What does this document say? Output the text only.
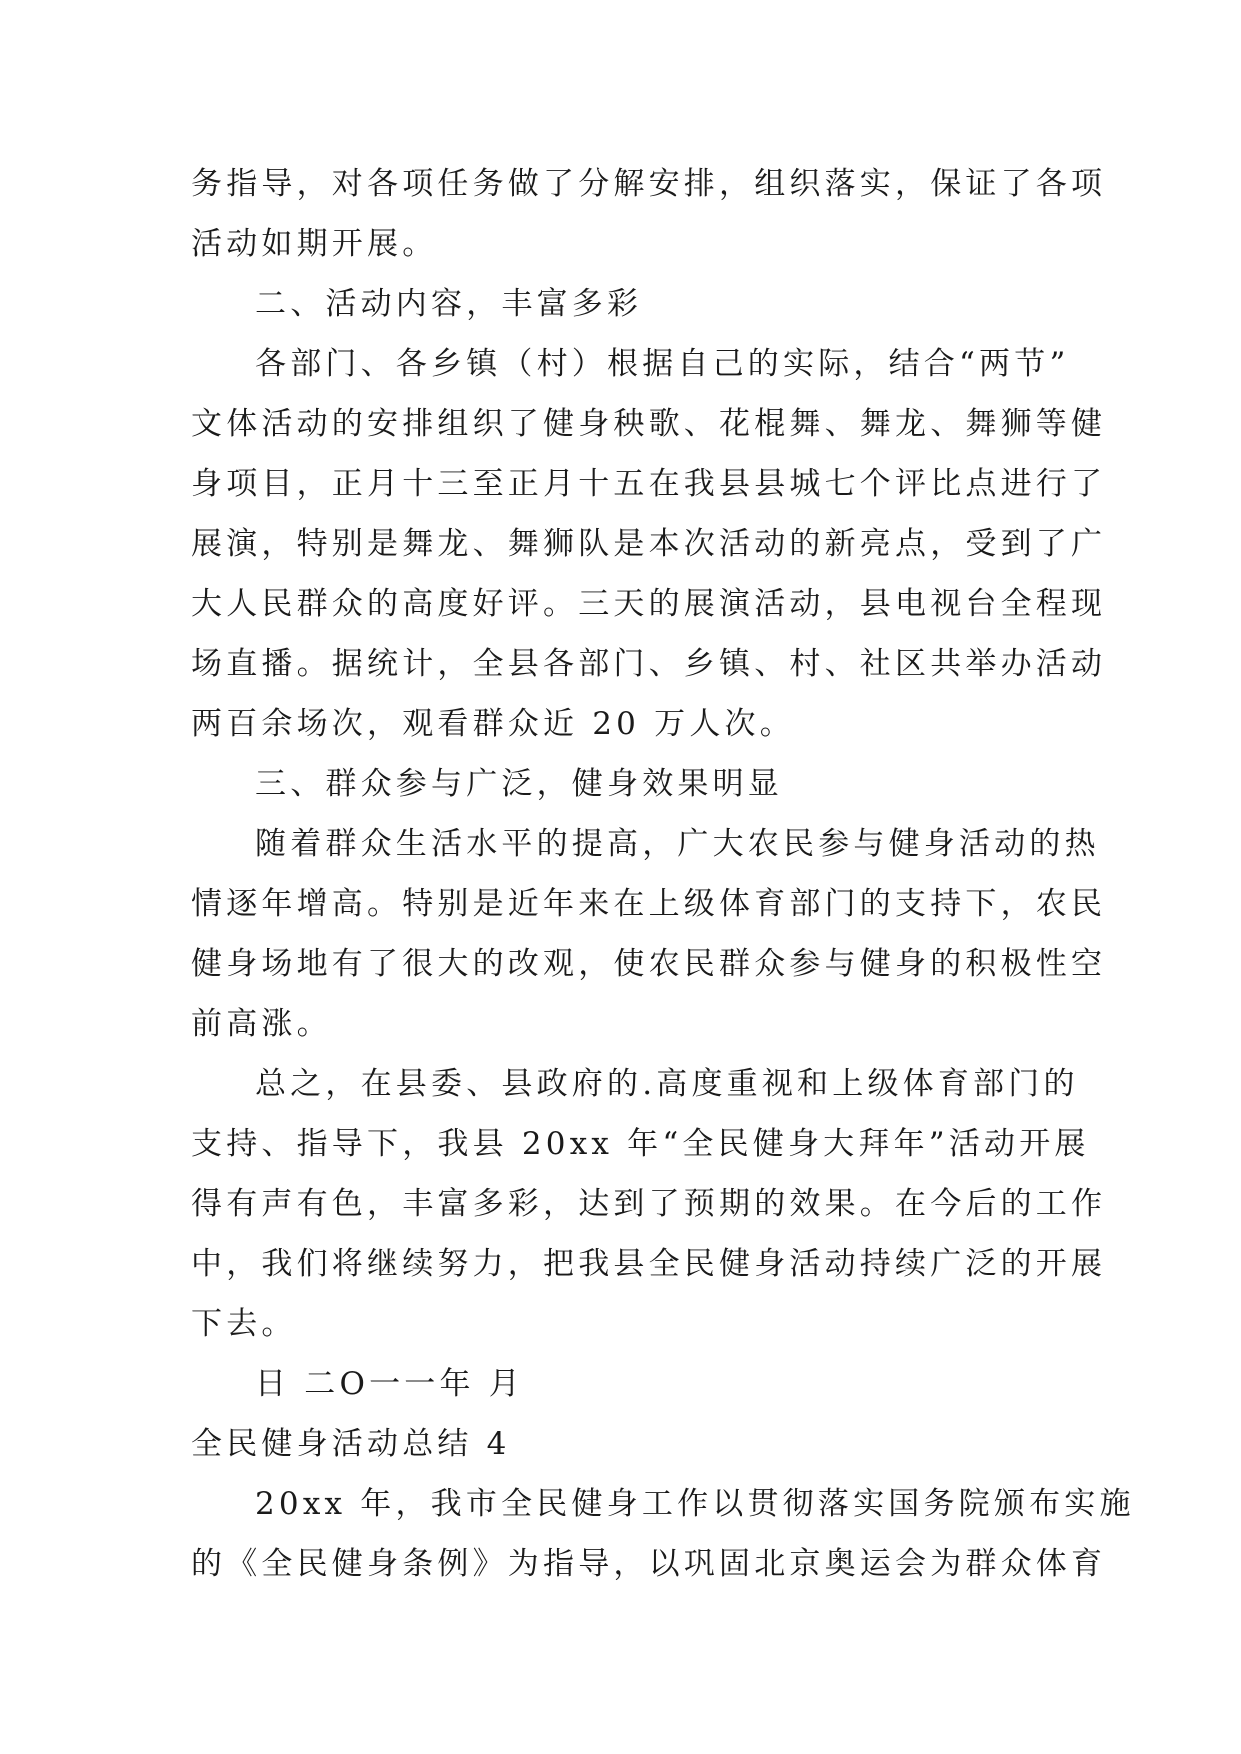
务指导，对各项任务做了分解安排，组织落实，保证了各项
活动如期开展。
二、活动内容，丰富多彩
各部门、各乡镇（村）根据自己的实际，结合“两节”
文体活动的安排组织了健身秧歌、花棍舞、舞龙、舞狮等健
身项目，正月十三至正月十五在我县县城七个评比点进行了
展演，特别是舞龙、舞狮队是本次活动的新亮点，受到了广
大人民群众的高度好评。三天的展演活动，县电视台全程现
场直播。据统计，全县各部门、乡镇、村、社区共举办活动
两百余场次，观看群众近 20 万人次。
三、群众参与广泛，健身效果明显
随着群众生活水平的提高，广大农民参与健身活动的热
情逐年增高。特别是近年来在上级体育部门的支持下，农民
健身场地有了很大的改观，使农民群众参与健身的积极性空
前高涨。
总之，在县委、县政府的.高度重视和上级体育部门的
支持、指导下，我县 20xx 年“全民健身大拜年”活动开展
得有声有色，丰富多彩，达到了预期的效果。在今后的工作
中，我们将继续努力，把我县全民健身活动持续广泛的开展
下去。
日 二O一一年 月
全民健身活动总结 4
20xx 年，我市全民健身工作以贯彻落实国务院颁布实施
的《全民健身条例》为指导，以巩固北京奥运会为群众体育
